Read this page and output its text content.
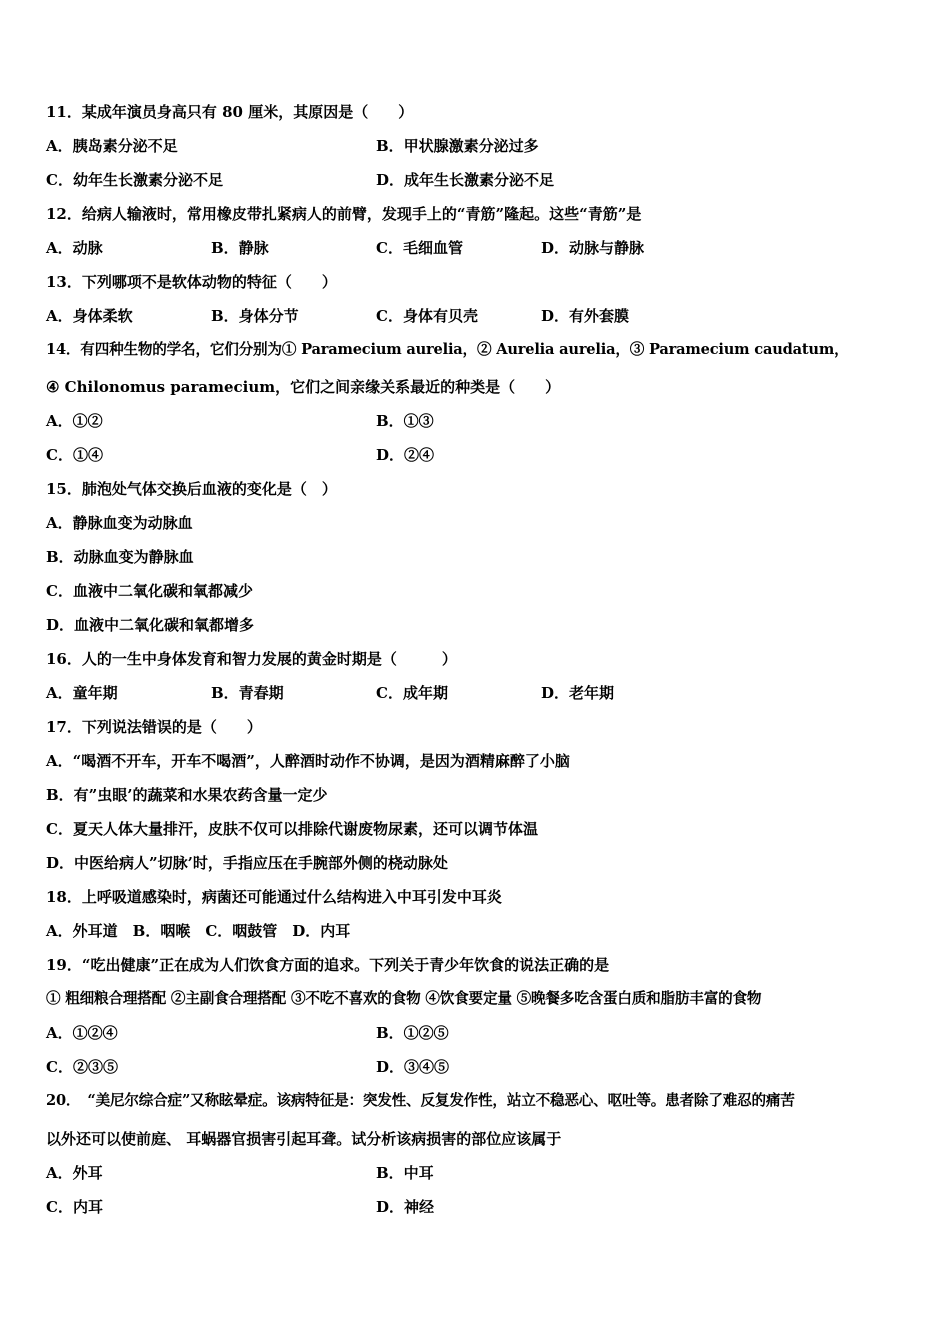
11．某成年演员身高只有 80 厘米，其原因是（　　）
A．胰岛素分泌不足	B．甲状腺激素分泌过多
C．幼年生长激素分泌不足	D．成年生长激素分泌不足
12．给病人输液时，常用橡皮带扎紧病人的前臂，发现手上的“青筋”隆起。这些“青筋”是
A．动脉	B．静脉	C．毛细血管	D．动脉与静脉
13．下列哪项不是软体动物的特征（　　）
A．身体柔软	B．身体分节	C．身体有贝壳	D．有外套膜
14．有四种生物的学名，它们分别为① Paramecium aurelia，② Aurelia aurelia，③ Paramecium caudatum，
④ Chilonomus paramecium，它们之间亲缘关系最近的种类是（　　）
A．①②	B．①③
C．①④	D．②④
15．肺泡处气体交换后血液的变化是（　）
A．静脉血变为动脉血
B．动脉血变为静脉血
C．血液中二氧化碳和氧都减少
D．血液中二氧化碳和氧都增多
16．人的一生中身体发育和智力发展的黄金时期是（　　　）
A．童年期	B．青春期	C．成年期	D．老年期
17．下列说法错误的是（　　）
A．“喝酒不开车，开车不喝酒”，人醉酒时动作不协调，是因为酒精麻醉了小脑
B．有”虫眼’的蔬菜和水果农药含量一定少
C．夏天人体大量排汗，皮肤不仅可以排除代谢废物尿素，还可以调节体温
D．中医给病人”切脉’时，手指应压在手腕部外侧的桡动脉处
18．上呼吸道感染时，病菌还可能通过什么结构进入中耳引发中耳炎
A．外耳道　B．咽喉　C．咽鼓管　D．内耳
19．“吃出健康”正在成为人们饮食方面的追求。下列关于青少年饮食的说法正确的是
① 粗细粮合理搭配 ②主副食合理搭配 ③不吃不喜欢的食物 ④饮食要定量 ⑤晚餐多吃含蛋白质和脂肪丰富的食物
A．①②④	B．①②⑤
C．②③⑤	D．③④⑤
20．　“美尼尔综合症”又称眩晕症。该病特征是：突发性、反复发作性，站立不稳恶心、呕吐等。患者除了难忍的痛苦
以外还可以使前庭、 耳蜗器官损害引起耳聋。试分析该病损害的部位应该属于
A．外耳	B．中耳
C．内耳	D．神经
